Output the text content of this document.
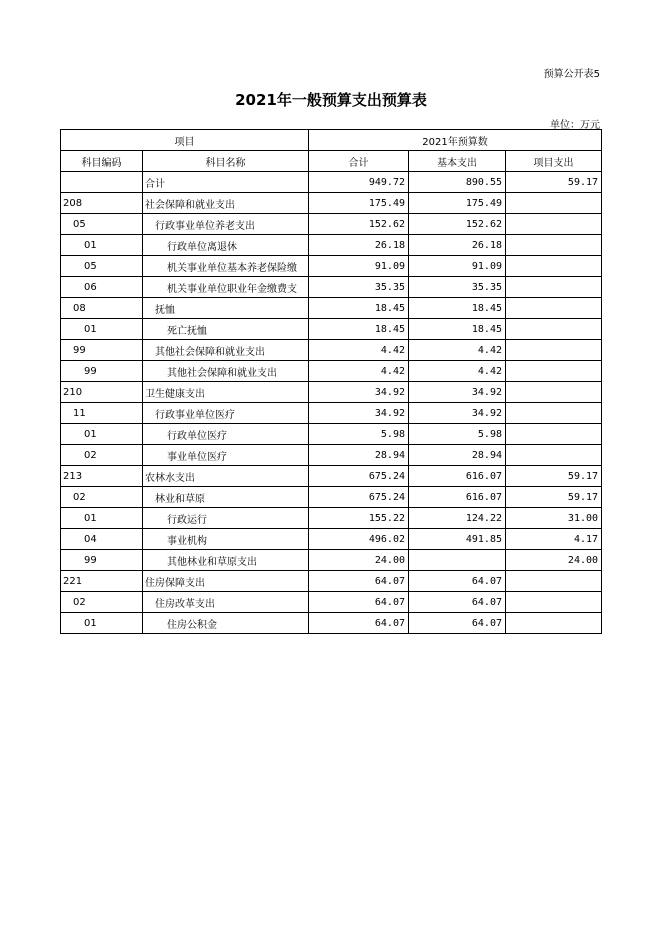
预算公开表5
2021年一般预算支出预算表
单位：万元
项目		2021年预算数		
科目编码	科目名称	合计	基本支出	项目支出
	合计	949.72	890.55	59.17
208	社会保障和就业支出	175.49	175.49	
05	行政事业单位养老支出	152.62	152.62	
01	行政单位离退休	26.18	26.18	
05	机关事业单位基本养老保险缴	91.09	91.09	
06	机关事业单位职业年金缴费支	35.35	35.35	
08	抚恤	18.45	18.45	
01	死亡抚恤	18.45	18.45	
99	其他社会保障和就业支出	4.42	4.42	
99	其他社会保障和就业支出	4.42	4.42	
210	卫生健康支出	34.92	34.92	
11	行政事业单位医疗	34.92	34.92	
01	行政单位医疗	5.98	5.98	
02	事业单位医疗	28.94	28.94	
213	农林水支出	675.24	616.07	59.17
02	林业和草原	675.24	616.07	59.17
01	行政运行	155.22	124.22	31.00
04	事业机构	496.02	491.85	4.17
99	其他林业和草原支出	24.00		24.00
221	住房保障支出	64.07	64.07	
02	住房改革支出	64.07	64.07	
01	住房公积金	64.07	64.07	
